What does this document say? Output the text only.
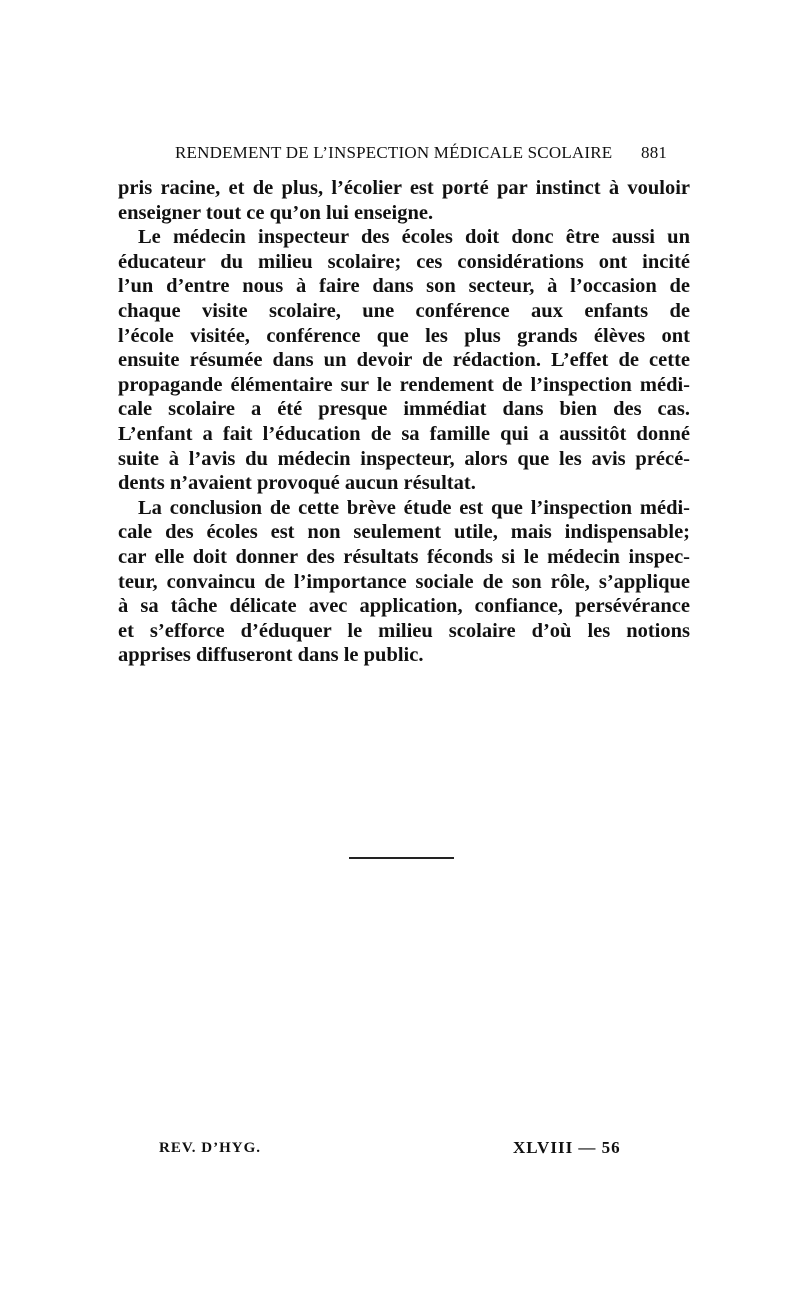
RENDEMENT DE L’INSPECTION MÉDICALE SCOLAIRE 881
pris racine, et de plus, l’écolier est porté par instinct à vouloir
enseigner tout ce qu’on lui enseigne.
Le médecin inspecteur des écoles doit donc être aussi un
éducateur du milieu scolaire; ces considérations ont incité
l’un d’entre nous à faire dans son secteur, à l’occasion de
chaque visite scolaire, une conférence aux enfants de
l’école visitée, conférence que les plus grands élèves ont
ensuite résumée dans un devoir de rédaction. L’effet de cette
propagande élémentaire sur le rendement de l’inspection médi-
cale scolaire a été presque immédiat dans bien des cas.
L’enfant a fait l’éducation de sa famille qui a aussitôt donné
suite à l’avis du médecin inspecteur, alors que les avis précé-
dents n’avaient provoqué aucun résultat.
La conclusion de cette brève étude est que l’inspection médi-
cale des écoles est non seulement utile, mais indispensable;
car elle doit donner des résultats féconds si le médecin inspec-
teur, convaincu de l’importance sociale de son rôle, s’applique
à sa tâche délicate avec application, confiance, persévérance
et s’efforce d’éduquer le milieu scolaire d’où les notions
apprises diffuseront dans le public.
REV. D’HYG.	XLVIII — 56
